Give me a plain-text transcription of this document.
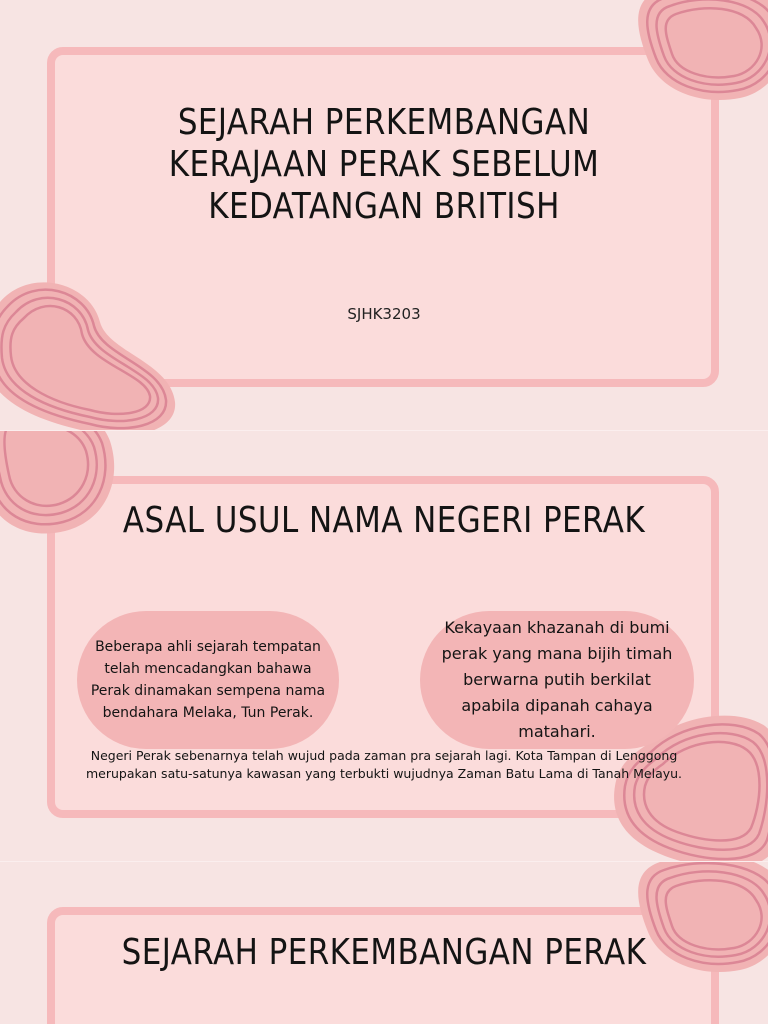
SEJARAH PERKEMBANGAN KERAJAAN PERAK SEBELUM KEDATANGAN BRITISH
SJHK3203
ASAL USUL NAMA NEGERI PERAK
Beberapa ahli sejarah tempatan telah mencadangkan bahawa Perak dinamakan sempena nama bendahara Melaka, Tun Perak.
Kekayaan khazanah di bumi perak yang mana bijih timah berwarna putih berkilat apabila dipanah cahaya matahari.

Negeri Perak sebenarnya telah wujud pada zaman pra sejarah lagi. Kota Tampan di Lenggong merupakan satu-satunya kawasan yang terbukti wujudnya Zaman Batu Lama di Tanah Melayu.

SEJARAH PERKEMBANGAN PERAK
